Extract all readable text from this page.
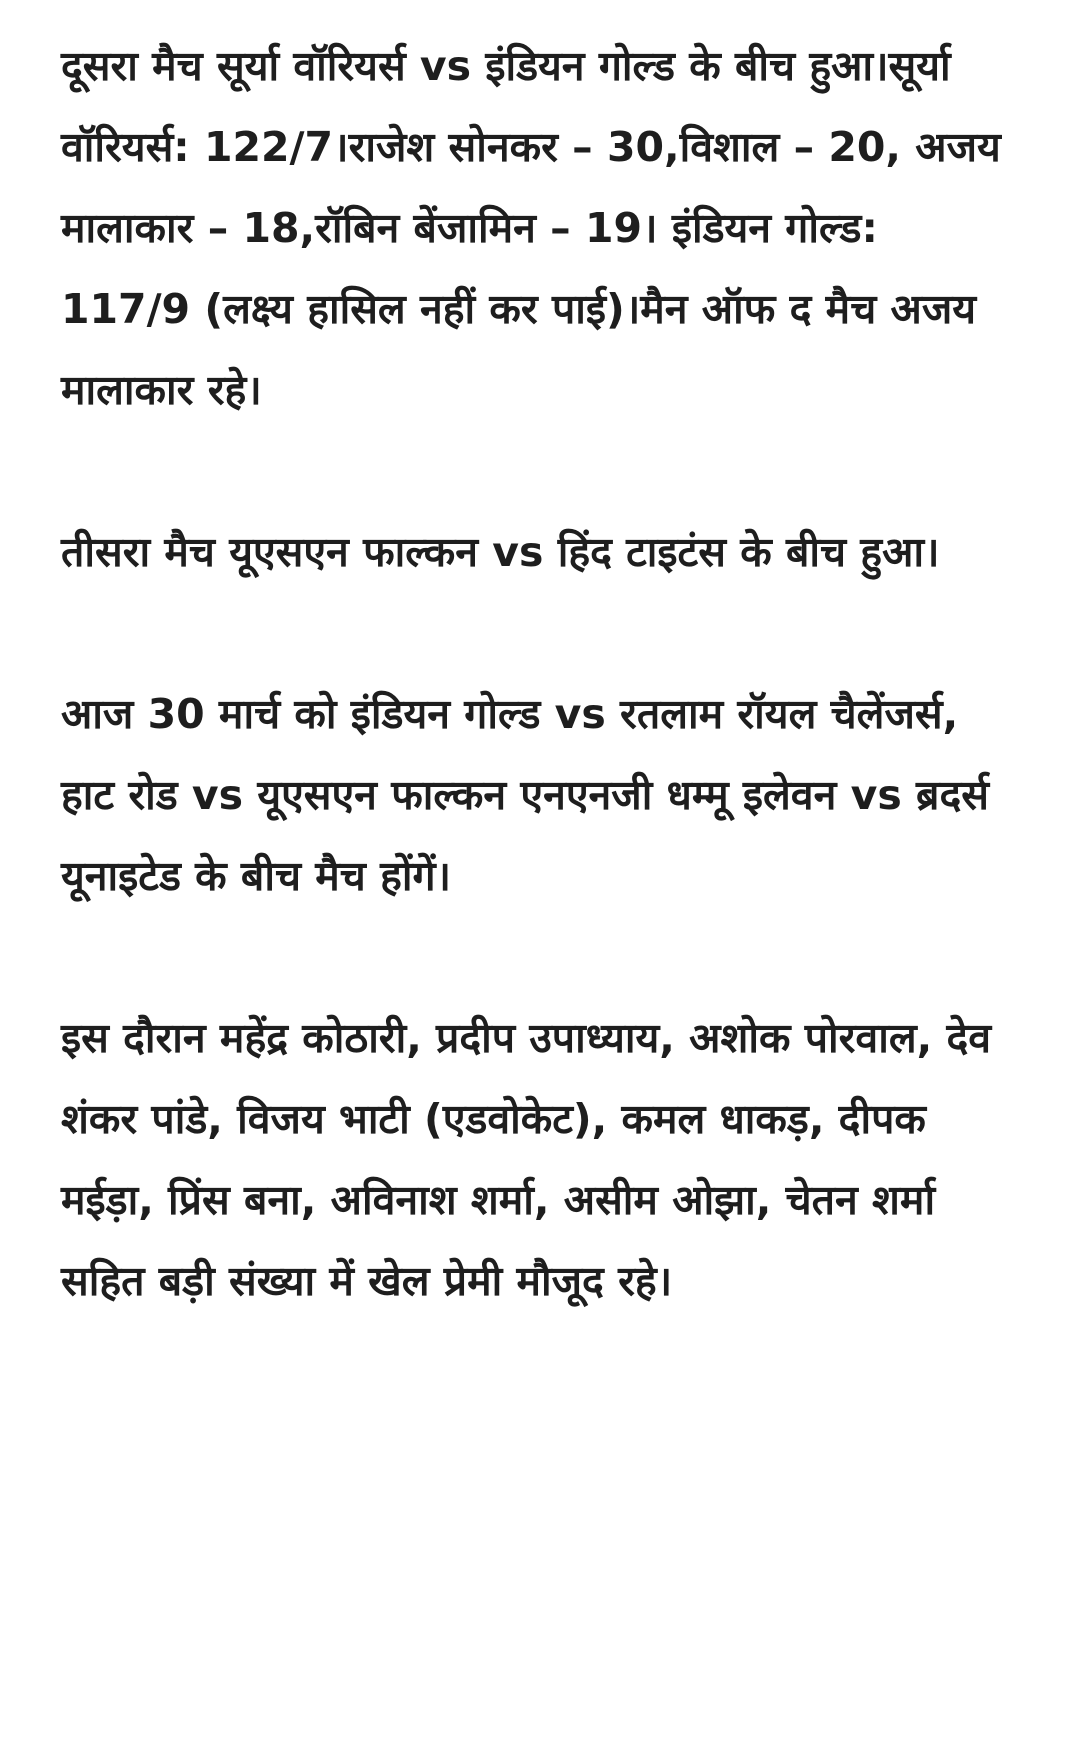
दूसरा मैच सूर्या वॉरियर्स vs इंडियन गोल्ड के बीच हुआ।सूर्या वॉरियर्स: 122/7।राजेश सोनकर – 30,विशाल – 20, अजय मालाकार – 18,रॉबिन बेंजामिन – 19। इंडियन गोल्ड: 117/9 (लक्ष्य हासिल नहीं कर पाई)।मैन ऑफ द मैच अजय मालाकार रहे।

तीसरा मैच यूएसएन फाल्कन vs हिंद टाइटंस के बीच हुआ।

आज 30 मार्च को इंडियन गोल्ड vs रतलाम रॉयल चैलेंजर्स, हाट रोड vs यूएसएन फाल्कन एनएनजी धम्मू इलेवन vs ब्रदर्स यूनाइटेड के बीच मैच होंगें।

इस दौरान महेंद्र कोठारी, प्रदीप उपाध्याय, अशोक पोरवाल, देव शंकर पांडे, विजय भाटी (एडवोकेट), कमल धाकड़, दीपक मईड़ा, प्रिंस बना, अविनाश शर्मा, असीम ओझा, चेतन शर्मा सहित बड़ी संख्या में खेल प्रेमी मौजूद रहे।
